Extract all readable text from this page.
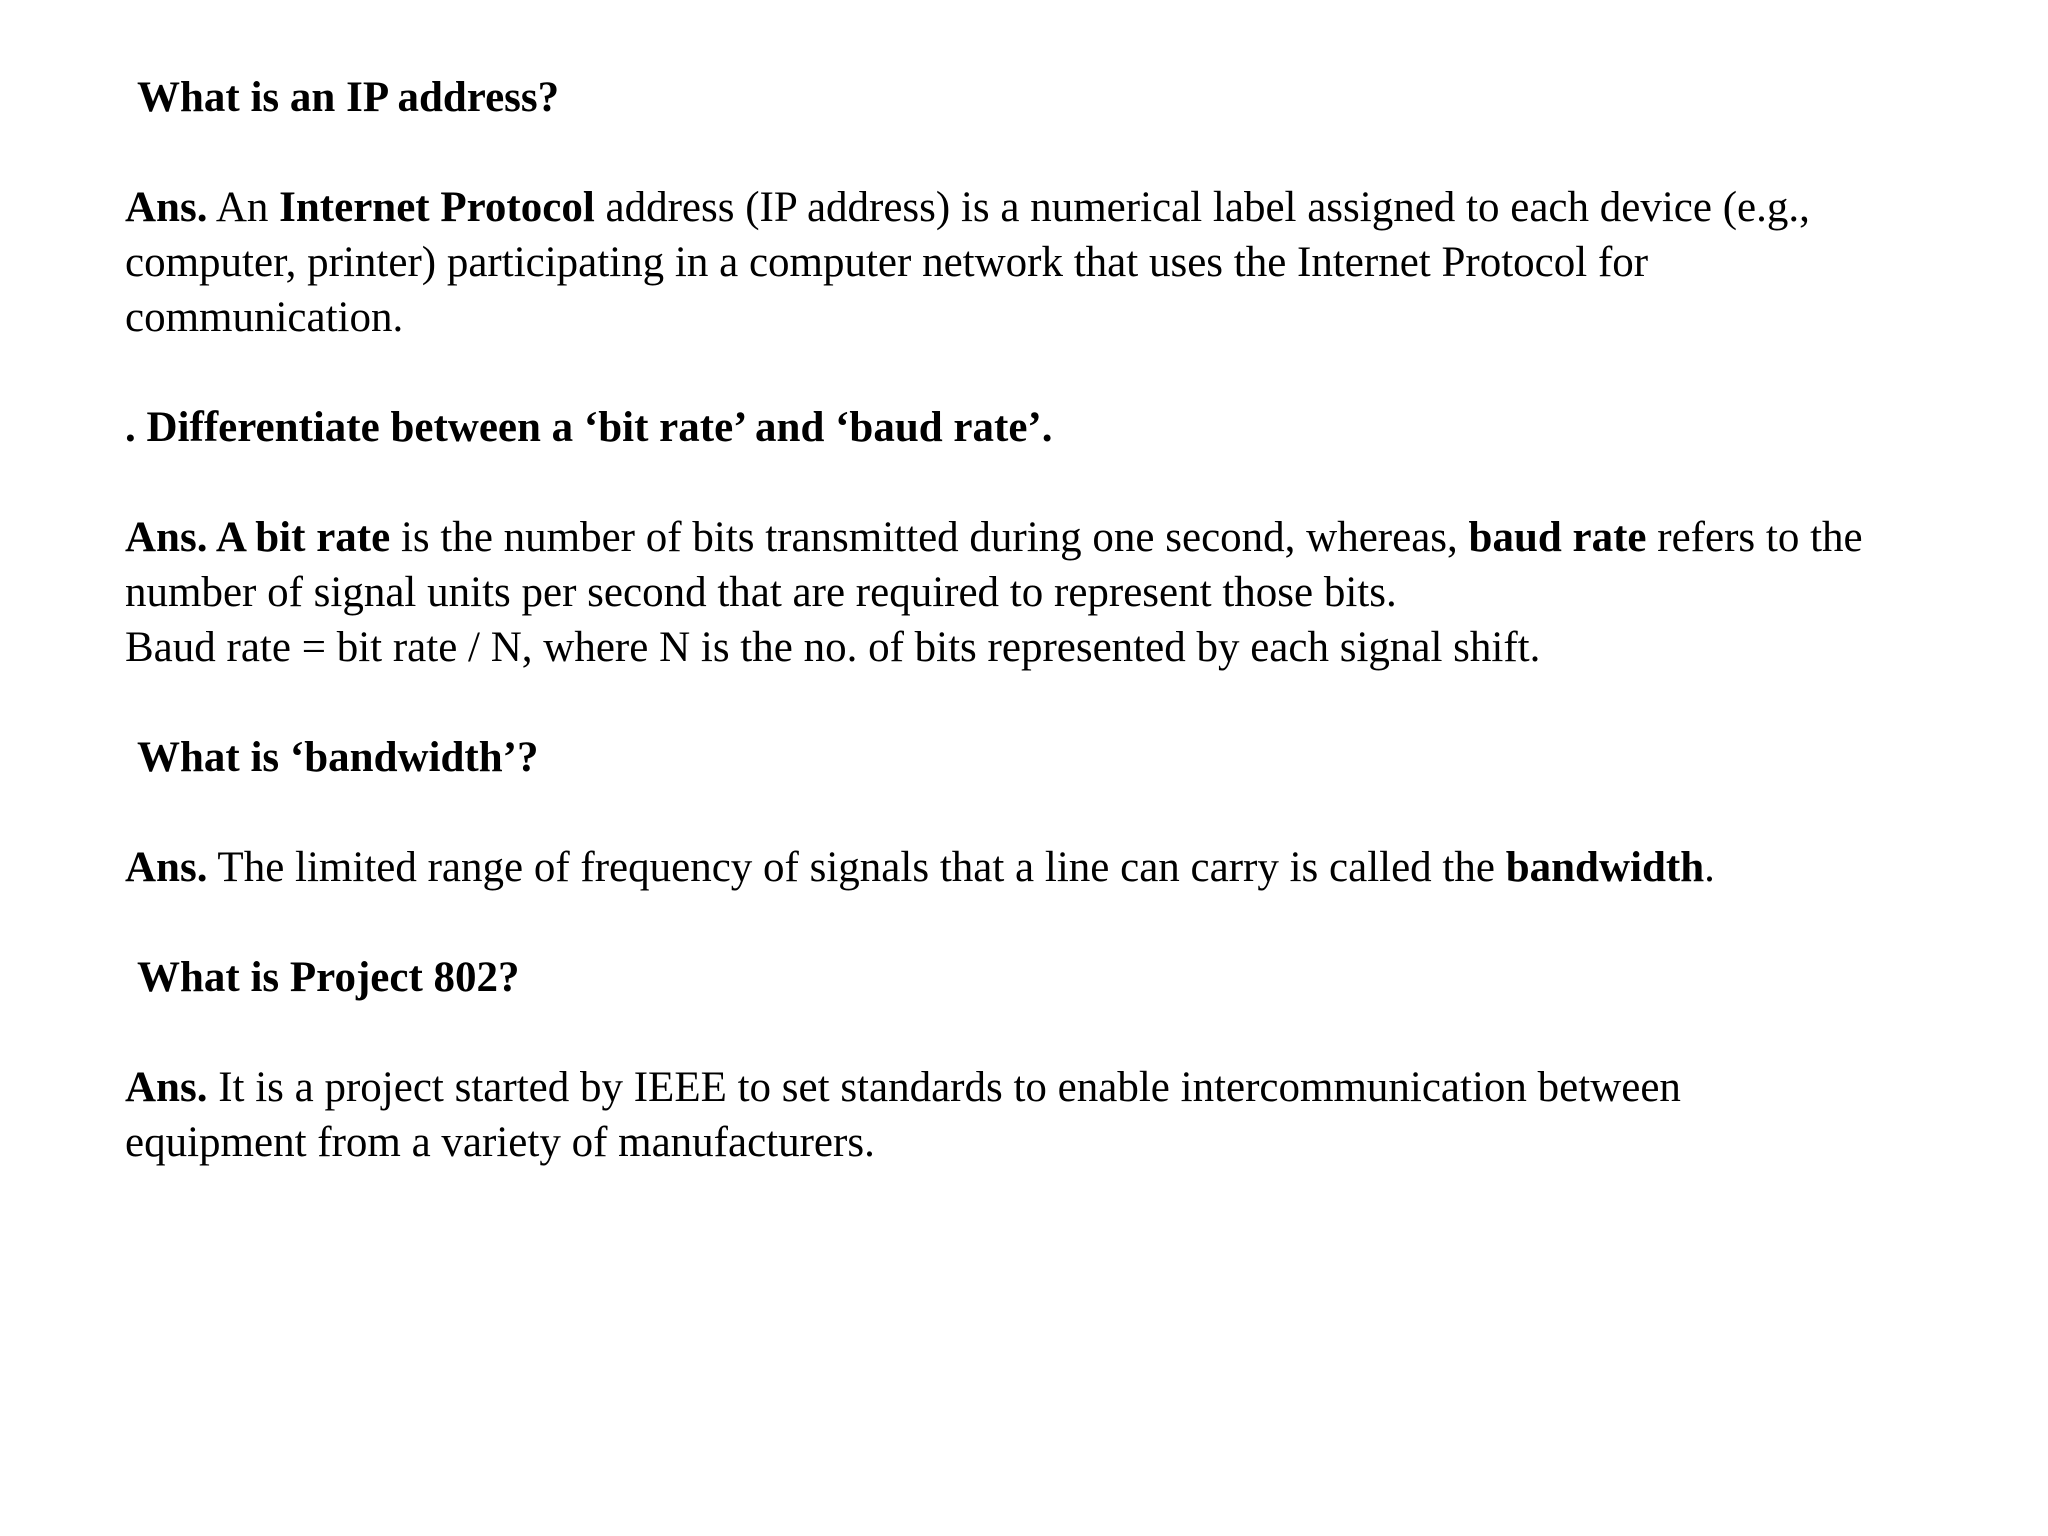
What is an IP address?

Ans. An Internet Protocol address (IP address) is a numerical label assigned to each device (e.g.,

computer, printer) participating in a computer network that uses the Internet Protocol for

communication.

. Differentiate between a ‘bit rate’ and ‘baud rate’.

Ans. A bit rate is the number of bits transmitted during one second, whereas, baud rate refers to the

number of signal units per second that are required to represent those bits.

Baud rate = bit rate / N, where N is the no. of bits represented by each signal shift.

What is ‘bandwidth’?

Ans. The limited range of frequency of signals that a line can carry is called the bandwidth.

What is Project 802?

Ans. It is a project started by IEEE to set standards to enable intercommunication between

equipment from a variety of manufacturers.
